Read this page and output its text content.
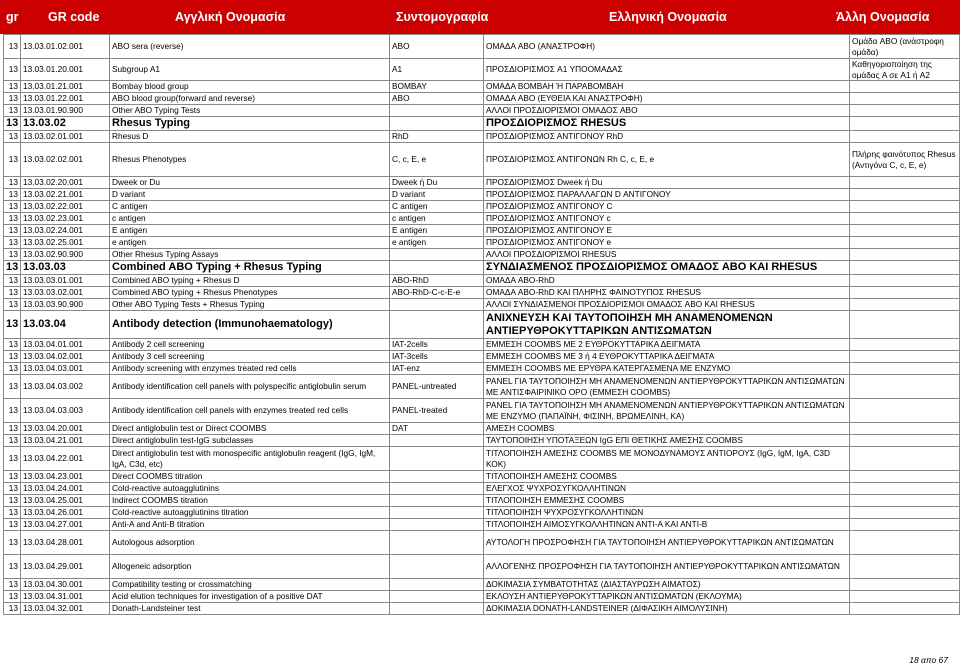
gr GR code	Αγγλική Ονομασία	Συντομογραφία	Ελληνική Ονομασία	Άλλη Ονομασία
13	13.03.01.02.001	ABO sera (reverse)	ABO	ΟΜΑΔΑ ABO (ΑΝΑΣΤΡΟΦΗ)	Ομάδα ABO (ανάστροφη ομάδα)
13	13.03.01.20.001	Subgroup A1	A1	ΠΡΟΣΔΙΟΡΙΣΜΟΣ A1 ΥΠΟΟΜΑΔΑΣ	Καθηγοριοποίηση της ομάδας A σε A1 ή A2
13	13.03.01.21.001	Bombay blood group	BOMBAY	ΟΜΑΔΑ ΒΟΜΒΑΗ Ή ΠΑΡΑΒΟΜΒΑΗ	
13	13.03.01.22.001	ABO blood group(forward and reverse)	ABO	ΟΜΑΔΑ ABO (ΕΥΘΕΙΑ ΚΑΙ ΑΝΑΣΤΡΟΦΗ)	
13	13.03.01.90.900	Other ABO Typing Tests		ΑΛΛΟΙ ΠΡΟΣΔΙΟΡΙΣΜΟΙ ΟΜΑΔΟΣ ABO	
13	13.03.02	Rhesus Typing		ΠΡΟΣΔΙΟΡΙΣΜΟΣ RHESUS	
13	13.03.02.01.001	Rhesus D	RhD	ΠΡΟΣΔΙΟΡΙΣΜΟΣ ΑΝΤΙΓΟΝΟΥ RhD	
13	13.03.02.02.001	Rhesus Phenotypes	C, c, E, e	ΠΡΟΣΔΙΟΡΙΣΜΟΣ ΑΝΤΙΓΟΝΩΝ Rh C, c, E, e	Πλήρης φαινότυπος Rhesus (Αντιγόνα C, c, E, e)
13	13.03.02.20.001	Dweek or Du	Dweek ή Du	ΠΡΟΣΔΙΟΡΙΣΜΟΣ Dweek ή Du	
13	13.03.02.21.001	D variant	D variant	ΠΡΟΣΔΙΟΡΙΣΜΟΣ ΠΑΡΑΛΛΑΓΩΝ D ΑΝΤΙΓΟΝΟΥ	
13	13.03.02.22.001	C antigen	C antigen	ΠΡΟΣΔΙΟΡΙΣΜΟΣ ΑΝΤΙΓΟΝΟΥ C	
13	13.03.02.23.001	c antigen	c antigen	ΠΡΟΣΔΙΟΡΙΣΜΟΣ ΑΝΤΙΓΟΝΟΥ c	
13	13.03.02.24.001	E antigen	E antigen	ΠΡΟΣΔΙΟΡΙΣΜΟΣ ΑΝΤΙΓΟΝΟΥ E	
13	13.03.02.25.001	e antigen	e antigen	ΠΡΟΣΔΙΟΡΙΣΜΟΣ ΑΝΤΙΓΟΝΟΥ e	
13	13.03.02.90.900	Other Rhesus Typing Assays		ΑΛΛΟΙ ΠΡΟΣΔΙΟΡΙΣΜΟΙ RHESUS	
13	13.03.03	Combined ABO Typing + Rhesus Typing		ΣΥΝΔΙΑΣΜΕΝΟΣ ΠΡΟΣΔΙΟΡΙΣΜΟΣ ΟΜΑΔΟΣ ABO KAI RHESUS	
13	13.03.03.01.001	Combined ABO typing + Rhesus D	ABO-RhD	ΟΜΑΔΑ ABO-RhD	
13	13.03.03.02.001	Combined ABO typing + Rhesus Phenotypes	ABO-RhD-C-c-E-e	ΟΜΑΔΑ ABO-RhD ΚΑΙ ΠΛΗΡΗΣ ΦΑΙΝΟΤΥΠΟΣ RHESUS	
13	13.03.03.90.900	Other ABO Typing Tests + Rhesus Typing		ΑΛΛΟΙ ΣΥΝΔΙΑΣΜΕΝΟΙ ΠΡΟΣΔΙΟΡΙΣΜΟΙ ΟΜΑΔΟΣ ABO KAI RHESUS	
13	13.03.04	Antibody detection (Immunohaematology)		ΑΝΙΧΝΕΥΣΗ ΚΑΙ ΤΑΥΤΟΠΟΙΗΣΗ ΜΗ ΑΝΑΜΕΝΟΜΕΝΩΝ ΑΝΤΙΕΡΥΘΡΟΚΥΤΤΑΡΙΚΩΝ ΑΝΤΙΣΩΜΑΤΩΝ	
13	13.03.04.01.001	Antibody 2 cell screening	IAT-2cells	ΕΜΜΕΣΗ COOMBS ΜΕ 2 ΕΥΘΡΟΚΥΤΤΑΡΙΚΑ ΔΕΙΓΜΑΤΑ	
13	13.03.04.02.001	Antibody 3 cell screening	IAT-3cells	ΕΜΜΕΣΗ COOMBS ΜΕ 3 ή 4 ΕΥΘΡΟΚΥΤΤΑΡΙΚΑ ΔΕΙΓΜΑΤΑ	
13	13.03.04.03.001	Antibody screening with enzymes treated red cells	IAT-enz	ΕΜΜΕΣΗ COOMBS ΜΕ ΕΡΥΘΡΑ ΚΑΤΕΡΓΑΣΜΕΝΑ ΜΕ ΕΝΖΥΜΟ	
13	13.03.04.03.002	Antibody identification cell panels with polyspecific antiglobulin serum	PANEL-untreated	ΡΑΝΕL ΓΙΑ ΤΑΥΤΟΠΟΙΗΣΗ ΜΗ ΑΝΑΜΕΝΟΜΕΝΩΝ ΑΝΤΙΕΡΥΘΡΟΚΥΤΤΑΡΙΚΩΝ ΑΝΤΙΣΩΜΑΤΩΝ ΜΕ ΑΝΤΙΣΦΑΙΡΙΝΙΚΟ ΟΡΟ (ΕΜΜΕΣΗ COOMBS)	
13	13.03.04.03.003	Antibody identification cell panels with enzymes treated red cells	PANEL-treated	ΡΑΝΕL ΓΙΑ ΤΑΥΤΟΠΟΙΗΣΗ ΜΗ ΑΝΑΜΕΝΟΜΕΝΩΝ ΑΝΤΙΕΡΥΘΡΟΚΥΤΤΑΡΙΚΩΝ ΑΝΤΙΣΩΜΑΤΩΝ ΜΕ ΕΝΖΥΜΟ (ΠΑΠΑΪΝΗ, ΦΙΣΙΝΗ, ΒΡΩΜΕΛΙΝΗ, ΚΑ)	
13	13.03.04.20.001	Direct antiglobulin test or Direct COOMBS	DAT	ΑΜΕΣΗ COOMBS	
13	13.03.04.21.001	Direct antiglobulin test-IgG subclasses		ΤΑΥΤΟΠΟΙΗΣΗ ΥΠΟΤΑΞΕΩΝ IgG ΕΠΙ ΘΕΤΙΚΗΣ ΑΜΕΣΗΣ COOMBS	
13	13.03.04.22.001	Direct antiglobulin test with monospecific antiglobulin reagent (IgG, IgM, IgA, C3d, etc)		ΤΙΤΛΟΠΟΙΗΣΗ ΑΜΕΣΗΣ COOMBS ΜΕ ΜΟΝΟΔΥΝΑΜΟΥΣ ΑΝΤΙΟΡΟΥΣ (IgG, IgM, IgA, C3D ΚΟΚ)	
13	13.03.04.23.001	Direct COOMBS titration		ΤΙΤΛΟΠΟΙΗΣΗ ΑΜΕΣΗΣ COOMBS	
13	13.03.04.24.001	Cold-reactive autoagglutinins		ΕΛΕΓΧΟΣ ΨΥΧΡΟΣΥΓΚΟΛΛΗΤΙΝΩΝ	
13	13.03.04.25.001	Indirect COOMBS titration		ΤΙΤΛΟΠΟΙΗΣΗ ΕΜΜΕΣΗΣ COOMBS	
13	13.03.04.26.001	Cold-reactive autoagglutinins titration		ΤΙΤΛΟΠΟΙΗΣΗ ΨΥΧΡΟΣΥΓΚΟΛΛΗΤΙΝΩΝ	
13	13.03.04.27.001	Anti-A and Anti-B titration		ΤΙΤΛΟΠΟΙΗΣΗ ΑΙΜΟΣΥΓΚΟΛΛΗΤΙΝΩΝ ΑΝΤΙ-Α ΚΑΙ ΑΝΤΙ-Β	
13	13.03.04.28.001	Autologous adsorption		ΑΥΤΟΛΟΓΗ ΠΡΟΣΡΟΦΗΣΗ ΓΙΑ ΤΑΥΤΟΠΟΙΗΣΗ ΑΝΤΙΕΡΥΘΡΟΚΥΤΤΑΡΙΚΩΝ ΑΝΤΙΣΩΜΑΤΩΝ	
13	13.03.04.29.001	Allogeneic adsorption		ΑΛΛΟΓΕΝΗΣ ΠΡΟΣΡΟΦΗΣΗ ΓΙΑ ΤΑΥΤΟΠΟΙΗΣΗ ΑΝΤΙΕΡΥΘΡΟΚΥΤΤΑΡΙΚΩΝ ΑΝΤΙΣΩΜΑΤΩΝ	
13	13.03.04.30.001	Compatibility testing or crossmatching		ΔΟΚΙΜΑΣΙΑ ΣΥΜΒΑΤΟΤΗΤΑΣ (ΔΙΑΣΤΑΥΡΩΣΗ ΑΙΜΑΤΟΣ)	
13	13.03.04.31.001	Acid elution techniques for investigation of a positive DAT		ΕΚΛΟΥΣΗ ΑΝΤΙΕΡΥΘΡΟΚΥΤΤΑΡΙΚΩΝ ΑΝΤΙΣΩΜΑΤΩΝ (ΕΚΛΟΥΜΑ)	
13	13.03.04.32.001	Donath-Landsteiner test		ΔΟΚΙΜΑΣΙΑ DONATH-LANDSTEINER (ΔΙΦΑΣΙΚΗ ΑΙΜΟΛΥΣΙΝΗ)	
18 απο 67
